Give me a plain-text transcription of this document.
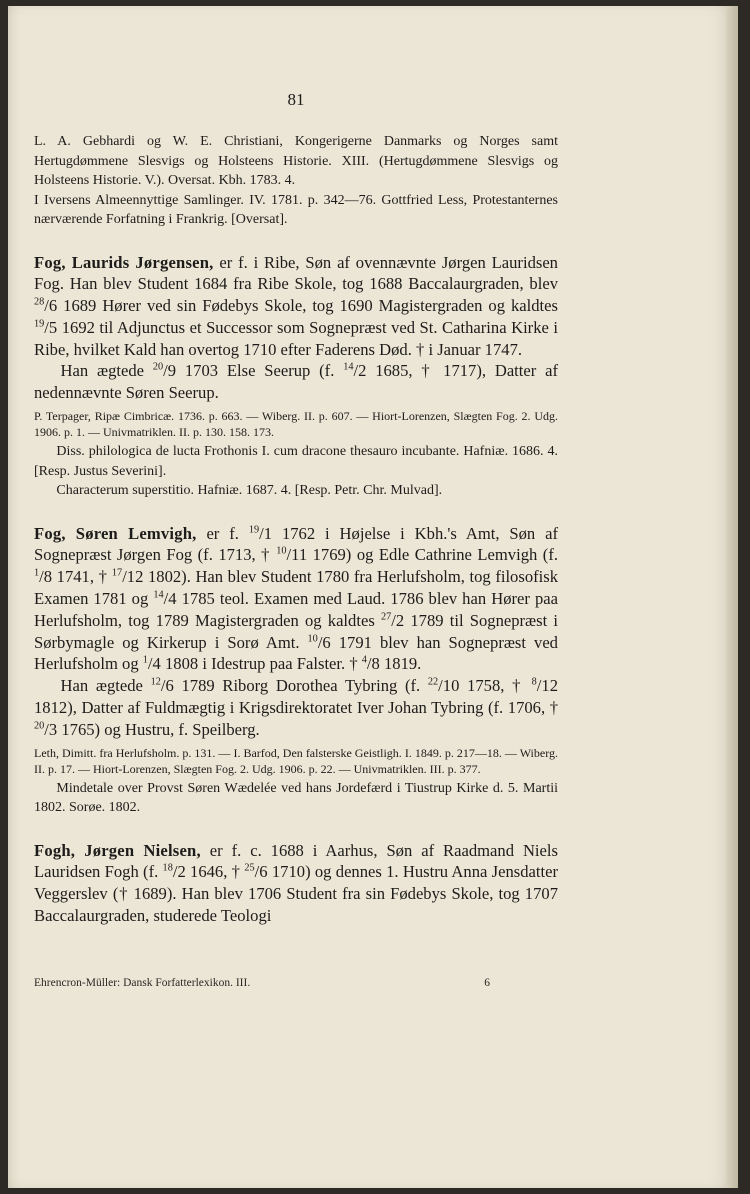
81

L. A. Gebhardi og W. E. Christiani, Kongerigerne Danmarks og Norges samt Hertugdømmene Slesvigs og Holsteens Historie. XIII. (Hertugdømmene Slesvigs og Holsteens Historie. V.). Oversat. Kbh. 1783. 4.

I Iversens Almeennyttige Samlinger. IV. 1781. p. 342—76. Gottfried Less, Protestanternes nærværende Forfatning i Frankrig. [Oversat].

Fog, Laurids Jørgensen, er f. i Ribe, Søn af ovennævnte Jørgen Lauridsen Fog. Han blev Student 1684 fra Ribe Skole, tog 1688 Baccalaurgraden, blev $^{28}$/6 1689 Hører ved sin Fødebys Skole, tog 1690 Magistergraden og kaldtes $^{19}$/5 1692 til Adjunctus et Successor som Sognepræst ved St. Catharina Kirke i Ribe, hvilket Kald han overtog 1710 efter Faderens Død. † i Januar 1747.

Han ægtede $^{20}$/9 1703 Else Seerup (f. $^{14}$/2 1685, † 1717), Datter af nedennævnte Søren Seerup.

P. Terpager, Ripæ Cimbricæ. 1736. p. 663. — Wiberg. II. p. 607. — Hiort-Lorenzen, Slægten Fog. 2. Udg. 1906. p. 1. — Univmatriklen. II. p. 130. 158. 173.

Diss. philologica de lucta Frothonis I. cum dracone thesauro incubante. Hafniæ. 1686. 4. [Resp. Justus Severini].

Characterum superstitio. Hafniæ. 1687. 4. [Resp. Petr. Chr. Mulvad].

Fog, Søren Lemvigh, er f. $^{19}$/1 1762 i Højelse i Kbh.'s Amt, Søn af Sognepræst Jørgen Fog (f. 1713, † $^{10}$/11 1769) og Edle Cathrine Lemvigh (f. $^1$/8 1741, † $^{17}$/12 1802). Han blev Student 1780 fra Herlufsholm, tog filosofisk Examen 1781 og $^{14}$/4 1785 teol. Examen med Laud. 1786 blev han Hører paa Herlufsholm, tog 1789 Magistergraden og kaldtes $^{27}$/2 1789 til Sognepræst i Sørbymagle og Kirkerup i Sorø Amt. $^{10}$/6 1791 blev han Sognepræst ved Herlufsholm og $^1$/4 1808 i Idestrup paa Falster. † $^4$/8 1819.

Han ægtede $^{12}$/6 1789 Riborg Dorothea Tybring (f. $^{22}$/10 1758, † $^8$/12 1812), Datter af Fuldmægtig i Krigsdirektoratet Iver Johan Tybring (f. 1706, † $^{20}$/3 1765) og Hustru, f. Speilberg.

Leth, Dimitt. fra Herlufsholm. p. 131. — I. Barfod, Den falsterske Geistligh. I. 1849. p. 217—18. — Wiberg. II. p. 17. — Hiort-Lorenzen, Slægten Fog. 2. Udg. 1906. p. 22. — Univmatriklen. III. p. 377.

Mindetale over Provst Søren Wædelée ved hans Jordefærd i Tiustrup Kirke d. 5. Martii 1802. Sorøe. 1802.

Fogh, Jørgen Nielsen, er f. c. 1688 i Aarhus, Søn af Raadmand Niels Lauridsen Fogh (f. $^{18}$/2 1646, † $^{25}$/6 1710) og dennes 1. Hustru Anna Jensdatter Veggerslev († 1689). Han blev 1706 Student fra sin Fødebys Skole, tog 1707 Baccalaurgraden, studerede Teologi

Ehrencron-Müller: Dansk Forfatterlexikon. III.	6
